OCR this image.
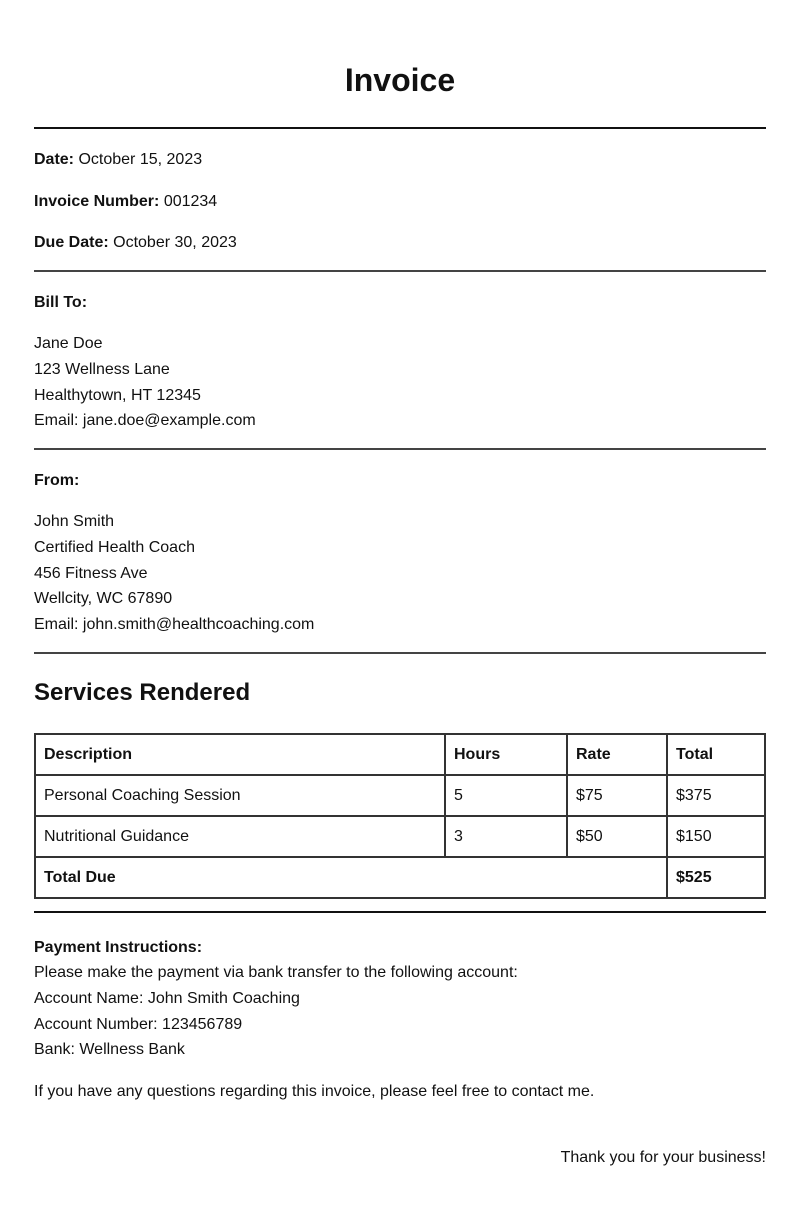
Invoice
Date: October 15, 2023
Invoice Number: 001234
Due Date: October 30, 2023
Bill To:
Jane Doe
123 Wellness Lane
Healthytown, HT 12345
Email: jane.doe@example.com
From:
John Smith
Certified Health Coach
456 Fitness Ave
Wellcity, WC 67890
Email: john.smith@healthcoaching.com
Services Rendered
Description	Hours	Rate	Total
Personal Coaching Session	5	$75	$375
Nutritional Guidance	3	$50	$150
Total Due			$525
Payment Instructions:
Please make the payment via bank transfer to the following account:
Account Name: John Smith Coaching
Account Number: 123456789
Bank: Wellness Bank
If you have any questions regarding this invoice, please feel free to contact me.
Thank you for your business!
